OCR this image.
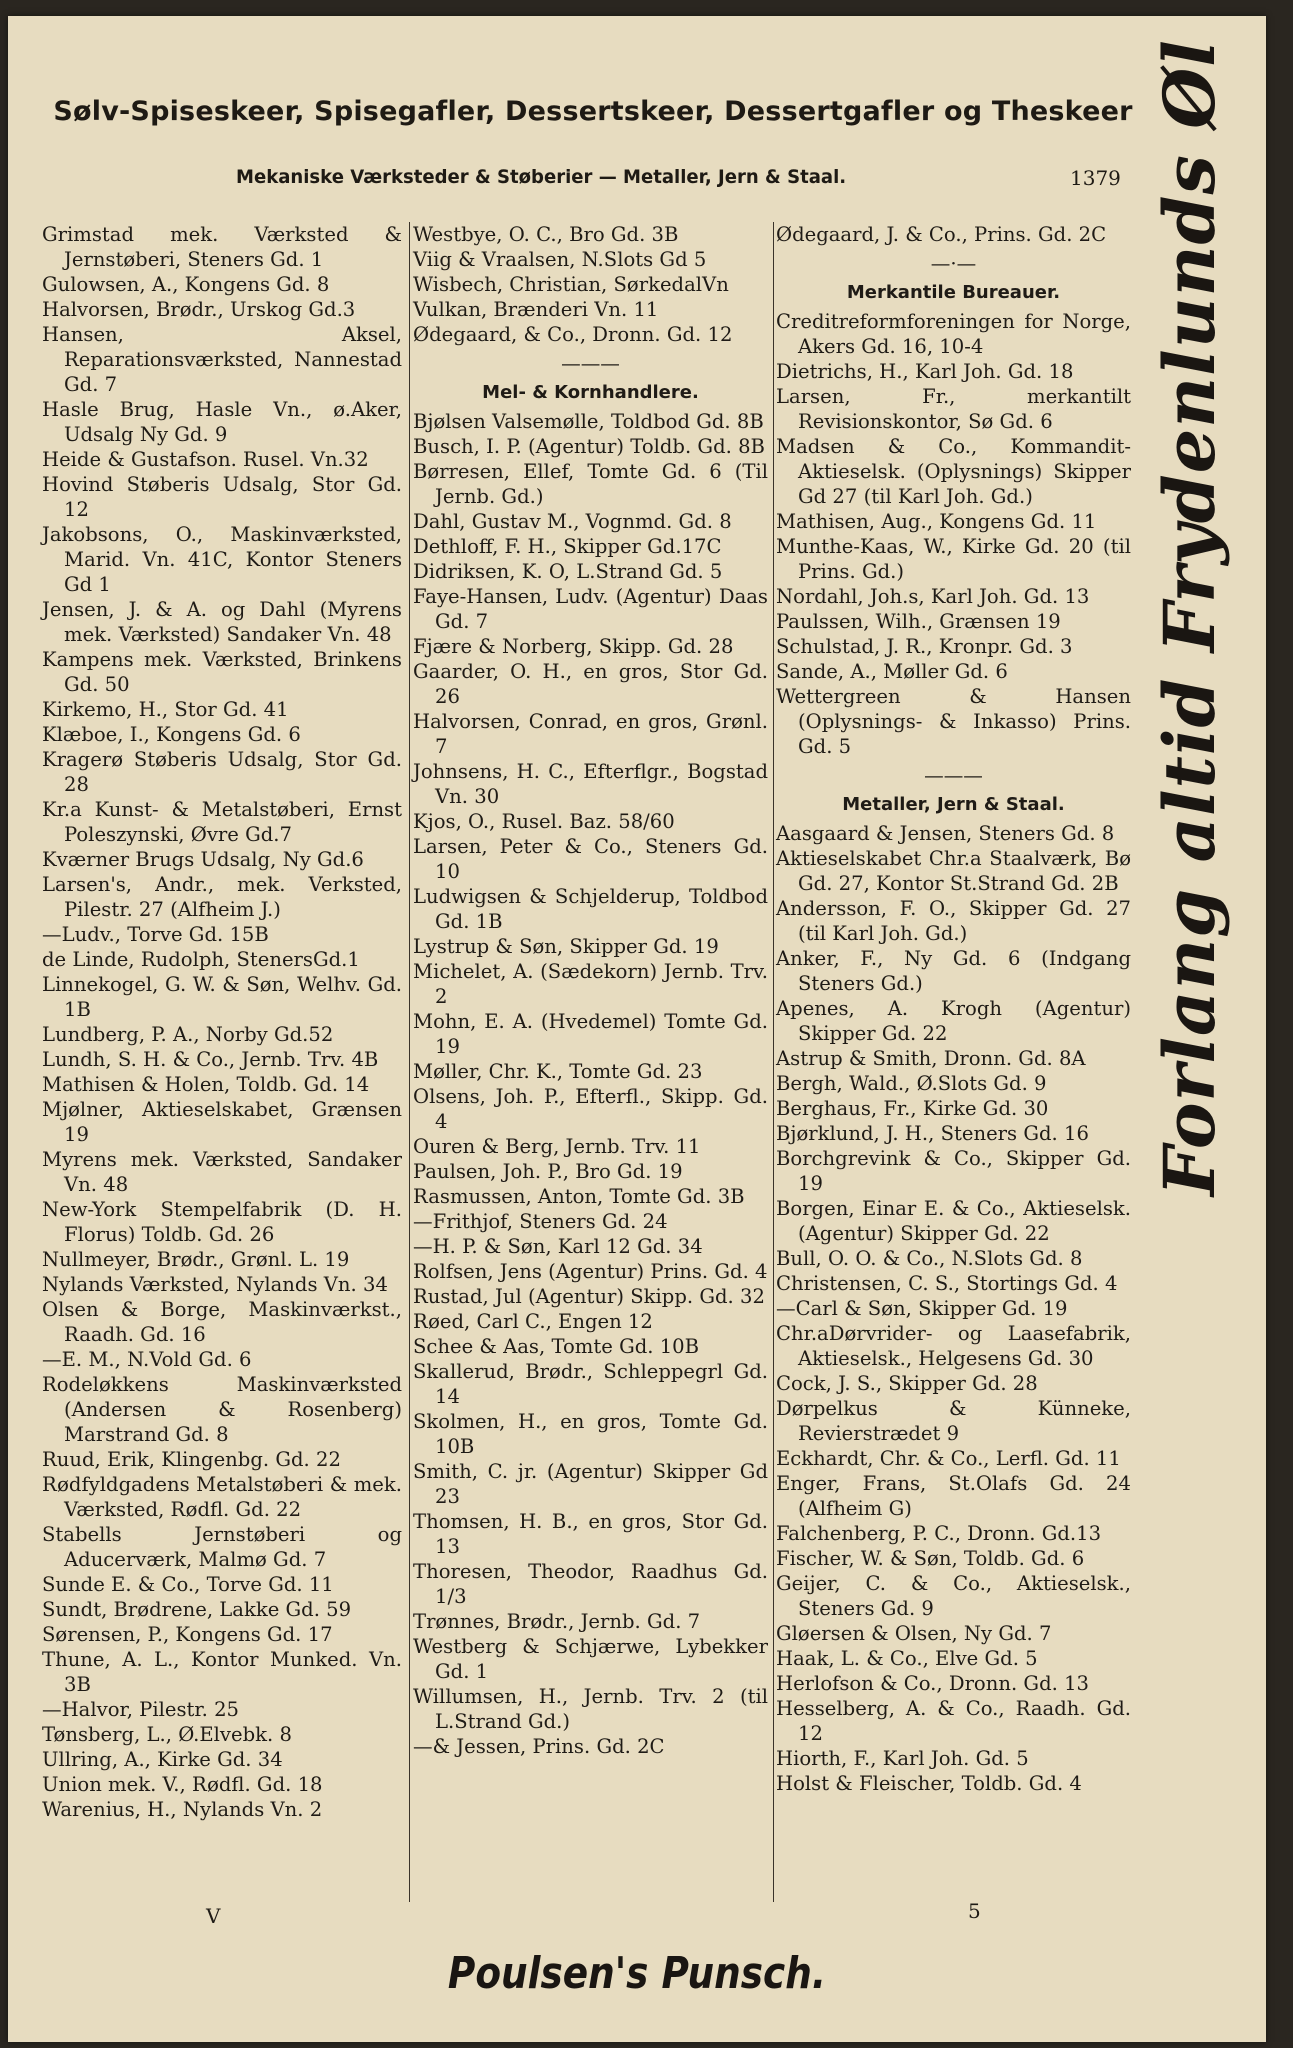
Sølv-Spiseskeer, Spisegafler, Dessertskeer, Dessertgafler og Theskeer
Mekaniske Værksteder & Støberier — Metaller, Jern & Staal.	1379

Grimstad mek. Værksted & Jernstøberi, Steners Gd. 1

Gulowsen, A., Kongens Gd. 8

Halvorsen, Brødr., Urskog Gd.3

Hansen, Aksel, Reparationsværksted, Nannestad Gd. 7

Hasle Brug, Hasle Vn., ø.Aker, Udsalg Ny Gd. 9

Heide & Gustafson. Rusel. Vn.32

Hovind Støberis Udsalg, Stor Gd. 12

Jakobsons, O., Maskinværksted, Marid. Vn. 41C, Kontor Steners Gd 1

Jensen, J. & A. og Dahl (Myrens mek. Værksted) Sandaker Vn. 48

Kampens mek. Værksted, Brinkens Gd. 50

Kirkemo, H., Stor Gd. 41

Klæboe, I., Kongens Gd. 6

Kragerø Støberis Udsalg, Stor Gd. 28

Kr.a Kunst- & Metalstøberi, Ernst Poleszynski, Øvre Gd.7

Kværner Brugs Udsalg, Ny Gd.6

Larsen's, Andr., mek. Verksted, Pilestr. 27 (Alfheim J.)

—Ludv., Torve Gd. 15B

de Linde, Rudolph, StenersGd.1

Linnekogel, G. W. & Søn, Welhv. Gd. 1B

Lundberg, P. A., Norby Gd.52

Lundh, S. H. & Co., Jernb. Trv. 4B

Mathisen & Holen, Toldb. Gd. 14

Mjølner, Aktieselskabet, Grænsen 19

Myrens mek. Værksted, Sandaker Vn. 48

New-York Stempelfabrik (D. H. Florus) Toldb. Gd. 26

Nullmeyer, Brødr., Grønl. L. 19

Nylands Værksted, Nylands Vn. 34

Olsen & Borge, Maskinværkst., Raadh. Gd. 16

—E. M., N.Vold Gd. 6

Rodeløkkens Maskinværksted (Andersen & Rosenberg) Marstrand Gd. 8

Ruud, Erik, Klingenbg. Gd. 22

Rødfyldgadens Metalstøberi & mek. Værksted, Rødfl. Gd. 22

Stabells Jernstøberi og Aducerværk, Malmø Gd. 7

Sunde E. & Co., Torve Gd. 11

Sundt, Brødrene, Lakke Gd. 59

Sørensen, P., Kongens Gd. 17

Thune, A. L., Kontor Munked. Vn. 3B

—Halvor, Pilestr. 25

Tønsberg, L., Ø.Elvebk. 8

Ullring, A., Kirke Gd. 34

Union mek. V., Rødfl. Gd. 18

Warenius, H., Nylands Vn. 2

Westbye, O. C., Bro Gd. 3B

Viig & Vraalsen, N.Slots Gd 5

Wisbech, Christian, SørkedalVn

Vulkan, Brænderi Vn. 11

Ødegaard, & Co., Dronn. Gd. 12

———

Mel- & Kornhandlere.

Bjølsen Valsemølle, Toldbod Gd. 8B

Busch, I. P. (Agentur) Toldb. Gd. 8B

Børresen, Ellef, Tomte Gd. 6 (Til Jernb. Gd.)

Dahl, Gustav M., Vognmd. Gd. 8

Dethloff, F. H., Skipper Gd.17C

Didriksen, K. O, L.Strand Gd. 5

Faye-Hansen, Ludv. (Agentur) Daas Gd. 7

Fjære & Norberg, Skipp. Gd. 28

Gaarder, O. H., en gros, Stor Gd. 26

Halvorsen, Conrad, en gros, Grønl. 7

Johnsens, H. C., Efterflgr., Bogstad Vn. 30

Kjos, O., Rusel. Baz. 58/60

Larsen, Peter & Co., Steners Gd. 10

Ludwigsen & Schjelderup, Toldbod Gd. 1B

Lystrup & Søn, Skipper Gd. 19

Michelet, A. (Sædekorn) Jernb. Trv. 2

Mohn, E. A. (Hvedemel) Tomte Gd. 19

Møller, Chr. K., Tomte Gd. 23

Olsens, Joh. P., Efterfl., Skipp. Gd. 4

Ouren & Berg, Jernb. Trv. 11

Paulsen, Joh. P., Bro Gd. 19

Rasmussen, Anton, Tomte Gd. 3B

—Frithjof, Steners Gd. 24

—H. P. & Søn, Karl 12 Gd. 34

Rolfsen, Jens (Agentur) Prins. Gd. 4

Rustad, Jul (Agentur) Skipp. Gd. 32

Røed, Carl C., Engen 12

Schee & Aas, Tomte Gd. 10B

Skallerud, Brødr., Schleppegrl Gd. 14

Skolmen, H., en gros, Tomte Gd. 10B

Smith, C. jr. (Agentur) Skipper Gd 23

Thomsen, H. B., en gros, Stor Gd. 13

Thoresen, Theodor, Raadhus Gd. 1/3

Trønnes, Brødr., Jernb. Gd. 7

Westberg & Schjærwe, Lybekker Gd. 1

Willumsen, H., Jernb. Trv. 2 (til L.Strand Gd.)

—& Jessen, Prins. Gd. 2C

Ødegaard, J. & Co., Prins. Gd. 2C

—·—

Merkantile Bureauer.

Creditreformforeningen for Norge, Akers Gd. 16, 10-4

Dietrichs, H., Karl Joh. Gd. 18

Larsen, Fr., merkantilt Revisionskontor, Sø Gd. 6

Madsen & Co., Kommandit-Aktieselsk. (Oplysnings) Skipper Gd 27 (til Karl Joh. Gd.)

Mathisen, Aug., Kongens Gd. 11

Munthe-Kaas, W., Kirke Gd. 20 (til Prins. Gd.)

Nordahl, Joh.s, Karl Joh. Gd. 13

Paulssen, Wilh., Grænsen 19

Schulstad, J. R., Kronpr. Gd. 3

Sande, A., Møller Gd. 6

Wettergreen & Hansen (Oplysnings- & Inkasso) Prins. Gd. 5

———

Metaller, Jern & Staal.

Aasgaard & Jensen, Steners Gd. 8

Aktieselskabet Chr.a Staalværk, Bø Gd. 27, Kontor St.Strand Gd. 2B

Andersson, F. O., Skipper Gd. 27 (til Karl Joh. Gd.)

Anker, F., Ny Gd. 6 (Indgang Steners Gd.)

Apenes, A. Krogh (Agentur) Skipper Gd. 22

Astrup & Smith, Dronn. Gd. 8A

Bergh, Wald., Ø.Slots Gd. 9

Berghaus, Fr., Kirke Gd. 30

Bjørklund, J. H., Steners Gd. 16

Borchgrevink & Co., Skipper Gd. 19

Borgen, Einar E. & Co., Aktieselsk. (Agentur) Skipper Gd. 22

Bull, O. O. & Co., N.Slots Gd. 8

Christensen, C. S., Stortings Gd. 4

—Carl & Søn, Skipper Gd. 19

Chr.aDørvrider- og Laasefabrik, Aktieselsk., Helgesens Gd. 30

Cock, J. S., Skipper Gd. 28

Dørpelkus & Künneke, Revierstrædet 9

Eckhardt, Chr. & Co., Lerfl. Gd. 11

Enger, Frans, St.Olafs Gd. 24 (Alfheim G)

Falchenberg, P. C., Dronn. Gd.13

Fischer, W. & Søn, Toldb. Gd. 6

Geijer, C. & Co., Aktieselsk., Steners Gd. 9

Gløersen & Olsen, Ny Gd. 7

Haak, L. & Co., Elve Gd. 5

Herlofson & Co., Dronn. Gd. 13

Hesselberg, A. & Co., Raadh. Gd. 12

Hiorth, F., Karl Joh. Gd. 5

Holst & Fleischer, Toldb. Gd. 4

V	5
Forlang altid Frydenlunds Øl
Poulsen's Punsch.
